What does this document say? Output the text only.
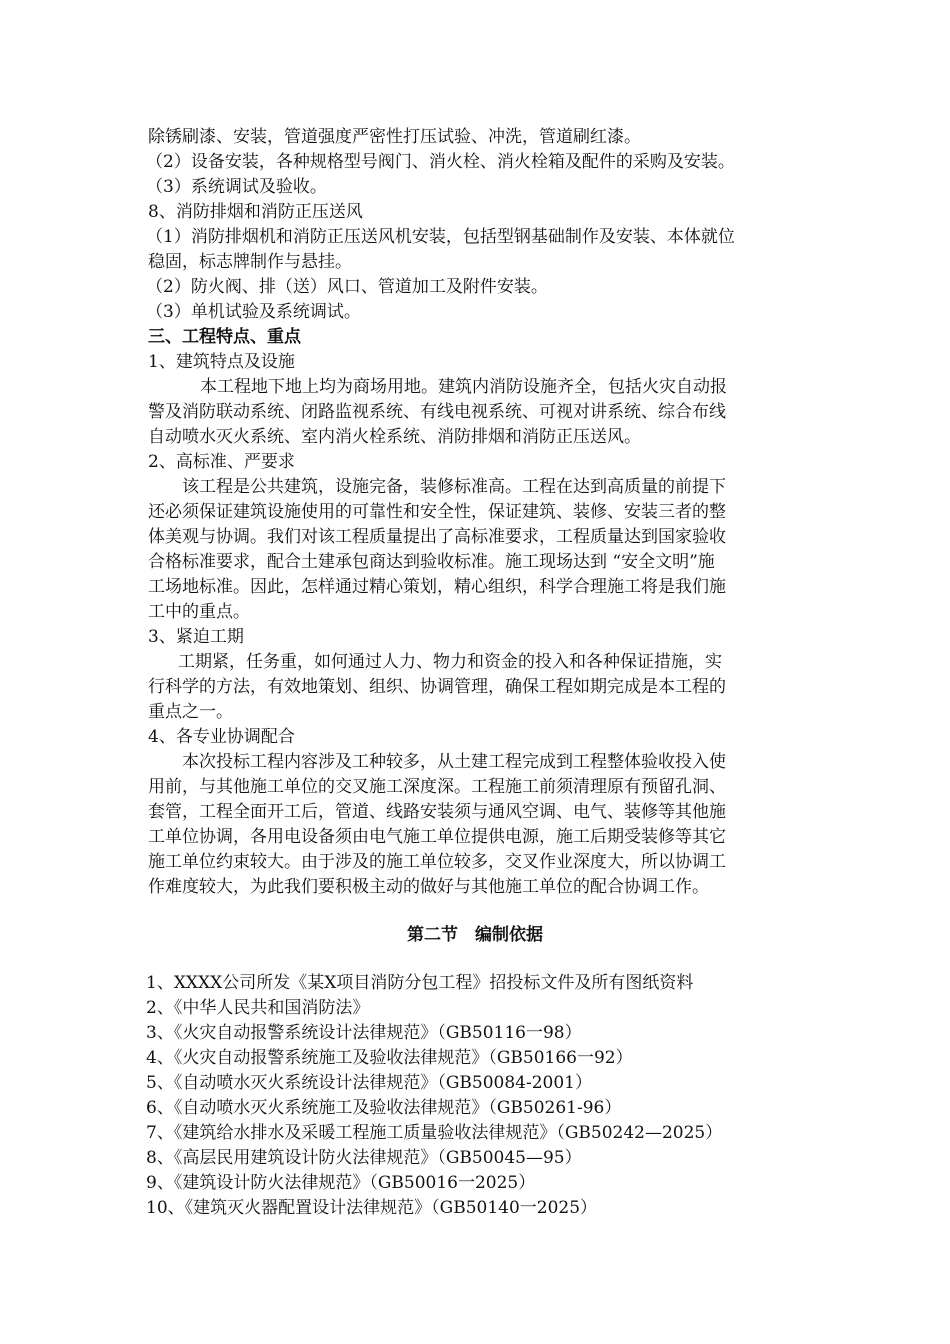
除锈刷漆、安装，管道强度严密性打压试验、冲洗，管道刷红漆。
（2）设备安装，各种规格型号阀门、消火栓、消火栓箱及配件的采购及安装。
（3）系统调试及验收。
8、消防排烟和消防正压送风
（1）消防排烟机和消防正压送风机安装，包括型钢基础制作及安装、本体就位
稳固，标志牌制作与悬挂。
（2）防火阀、排（送）风口、管道加工及附件安装。
（3）单机试验及系统调试。
三、工程特点、重点
1、建筑特点及设施
本工程地下地上均为商场用地。建筑内消防设施齐全，包括火灾自动报
警及消防联动系统、闭路监视系统、有线电视系统、可视对讲系统、综合布线
自动喷水灭火系统、室内消火栓系统、消防排烟和消防正压送风。
2、高标准、严要求
该工程是公共建筑，设施完备，装修标准高。工程在达到高质量的前提下
还必须保证建筑设施使用的可靠性和安全性，保证建筑、装修、安装三者的整
体美观与协调。我们对该工程质量提出了高标准要求，工程质量达到国家验收
合格标准要求，配合土建承包商达到验收标准。施工现场达到 “安全文明”施
工场地标准。因此，怎样通过精心策划，精心组织，科学合理施工将是我们施
工中的重点。
3、紧迫工期
工期紧，任务重，如何通过人力、物力和资金的投入和各种保证措施，实
行科学的方法，有效地策划、组织、协调管理，确保工程如期完成是本工程的
重点之一。
4、各专业协调配合
本次投标工程内容涉及工种较多，从土建工程完成到工程整体验收投入使
用前，与其他施工单位的交叉施工深度深。工程施工前须清理原有预留孔洞、
套管，工程全面开工后，管道、线路安装须与通风空调、电气、装修等其他施
工单位协调，各用电设备须由电气施工单位提供电源，施工后期受装修等其它
施工单位约束较大。由于涉及的施工单位较多，交叉作业深度大，所以协调工
作难度较大，为此我们要积极主动的做好与其他施工单位的配合协调工作。
第二节　编制依据
1、XXXX公司所发《某X项目消防分包工程》招投标文件及所有图纸资料
2、《中华人民共和国消防法》
3、《火灾自动报警系统设计法律规范》（GB50116一98）
4、《火灾自动报警系统施工及验收法律规范》（GB50166一92）
5、《自动喷水灭火系统设计法律规范》（GB50084-2001）
6、《自动喷水灭火系统施工及验收法律规范》（GB50261-96）
7、《建筑给水排水及采暖工程施工质量验收法律规范》（GB50242—2025）
8、《高层民用建筑设计防火法律规范》（GB50045—95）
9、《建筑设计防火法律规范》（GB50016一2025）
10、《建筑灭火器配置设计法律规范》（GB50140一2025）
